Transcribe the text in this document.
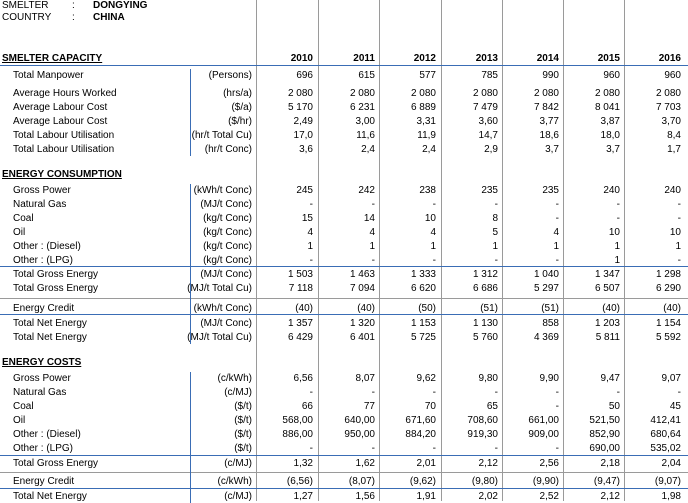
SMELTER : DONGYING
COUNTRY : CHINA
2010	2011	2012	2013	2014	2015	2016
SMELTER CAPACITY
Total Manpower	(Persons)	696	615	577	785	990	960	960
Average Hours Worked	(hrs/a)	2 080	2 080	2 080	2 080	2 080	2 080	2 080
Average Labour Cost	($/a)	5 170	6 231	6 889	7 479	7 842	8 041	7 703
Average Labour Cost	($/hr)	2,49	3,00	3,31	3,60	3,77	3,87	3,70
Total Labour Utilisation	(hr/t Total Cu)	17,0	11,6	11,9	14,7	18,6	18,0	8,4
Total Labour Utilisation	(hr/t Conc)	3,6	2,4	2,4	2,9	3,7	3,7	1,7
ENERGY CONSUMPTION
Gross Power	(kWh/t Conc)	245	242	238	235	235	240	240
Natural Gas	(MJ/t Conc)	-	-	-	-	-	-	-
Coal	(kg/t Conc)	15	14	10	8	-	-	-
Oil	(kg/t Conc)	4	4	4	5	4	10	10
Other : (Diesel)	(kg/t Conc)	1	1	1	1	1	1	1
Other : (LPG)	(kg/t Conc)	-	-	-	-	-	1	-
Total Gross Energy	(MJ/t Conc)	1 503	1 463	1 333	1 312	1 040	1 347	1 298
Total Gross Energy	(MJ/t Total Cu)	7 118	7 094	6 620	6 686	5 297	6 507	6 290
Energy Credit	(kWh/t Conc)	(40)	(40)	(50)	(51)	(51)	(40)	(40)
Total Net Energy	(MJ/t Conc)	1 357	1 320	1 153	1 130	858	1 203	1 154
Total Net Energy	(MJ/t Total Cu)	6 429	6 401	5 725	5 760	4 369	5 811	5 592
ENERGY COSTS
Gross Power	(c/kWh)	6,56	8,07	9,62	9,80	9,90	9,47	9,07
Natural Gas	(c/MJ)	-	-	-	-	-	-	-
Coal	($/t)	66	77	70	65	-	50	45
Oil	($/t)	568,00	640,00	671,60	708,60	661,00	521,50	412,41
Other : (Diesel)	($/t)	886,00	950,00	884,20	919,30	909,00	852,90	680,64
Other : (LPG)	($/t)	-	-	-	-	-	690,00	535,02
Total Gross Energy	(c/MJ)	1,32	1,62	2,01	2,12	2,56	2,18	2,04
Energy Credit	(c/kWh)	(6,56)	(8,07)	(9,62)	(9,80)	(9,90)	(9,47)	(9,07)
Total Net Energy	(c/MJ)	1,27	1,56	1,91	2,02	2,52	2,12	1,98
